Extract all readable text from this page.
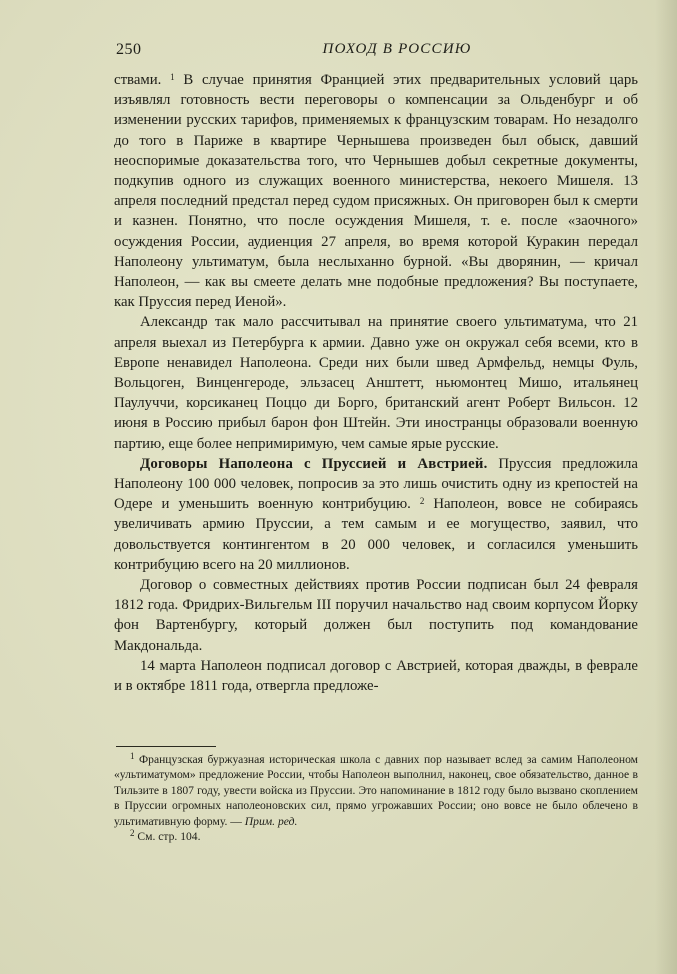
250	ПОХОД В РОССИЮ

ствами. $^1$ В случае принятия Францией этих предварительных условий царь изъявлял готовность вести переговоры о компенсации за Ольденбург и об изменении русских тарифов, применяемых к французским товарам. Но незадолго до того в Париже в квартире Чернышева произведен был обыск, давший неоспоримые доказательства того, что Чернышев добыл секретные документы, подкупив одного из служащих военного министерства, некоего Мишеля. 13 апреля последний предстал перед судом присяжных. Он приговорен был к смерти и казнен. Понятно, что после осуждения Мишеля, т. е. после «заочного» осуждения России, аудиенция 27 апреля, во время которой Куракин передал Наполеону ультиматум, была неслыханно бурной. «Вы дворянин, — кричал Наполеон, — как вы смеете делать мне подобные предложения? Вы поступаете, как Пруссия перед Иеной».

Александр так мало рассчитывал на принятие своего ультиматума, что 21 апреля выехал из Петербурга к армии. Давно уже он окружал себя всеми, кто в Европе ненавидел Наполеона. Среди них были швед Армфельд, немцы Фуль, Вольцоген, Винценгероде, эльзасец Анштетт, ньюмонтец Мишо, итальянец Паулуччи, корсиканец Поццо ди Борго, британский агент Роберт Вильсон. 12 июня в Россию прибыл барон фон Штейн. Эти иностранцы образовали военную партию, еще более непримиримую, чем самые ярые русские.

Договоры Наполеона с Пруссией и Австрией. Пруссия предложила Наполеону 100 000 человек, попросив за это лишь очистить одну из крепостей на Одере и уменьшить военную контрибуцию. $^2$ Наполеон, вовсе не собираясь увеличивать армию Пруссии, а тем самым и ее могущество, заявил, что довольствуется контингентом в 20 000 человек, и согласился уменьшить контрибуцию всего на 20 миллионов.

Договор о совместных действиях против России подписан был 24 февраля 1812 года. Фридрих-Вильгельм III поручил начальство над своим корпусом Йорку фон Вартенбургу, который должен был поступить под командование Макдональда.

14 марта Наполеон подписал договор с Австрией, которая дважды, в феврале и в октябре 1811 года, отвергла предложе-

$^1$ Французская буржуазная историческая школа с давних пор называет вслед за самим Наполеоном «ультиматумом» предложение России, чтобы Наполеон выполнил, наконец, свое обязательство, данное в Тильзите в 1807 году, увести войска из Пруссии. Это напоминание в 1812 году было вызвано скоплением в Пруссии огромных наполеоновских сил, прямо угрожавших России; оно вовсе не было облечено в ультимативную форму. — Прим. ред.

$^2$ См. стр. 104.
